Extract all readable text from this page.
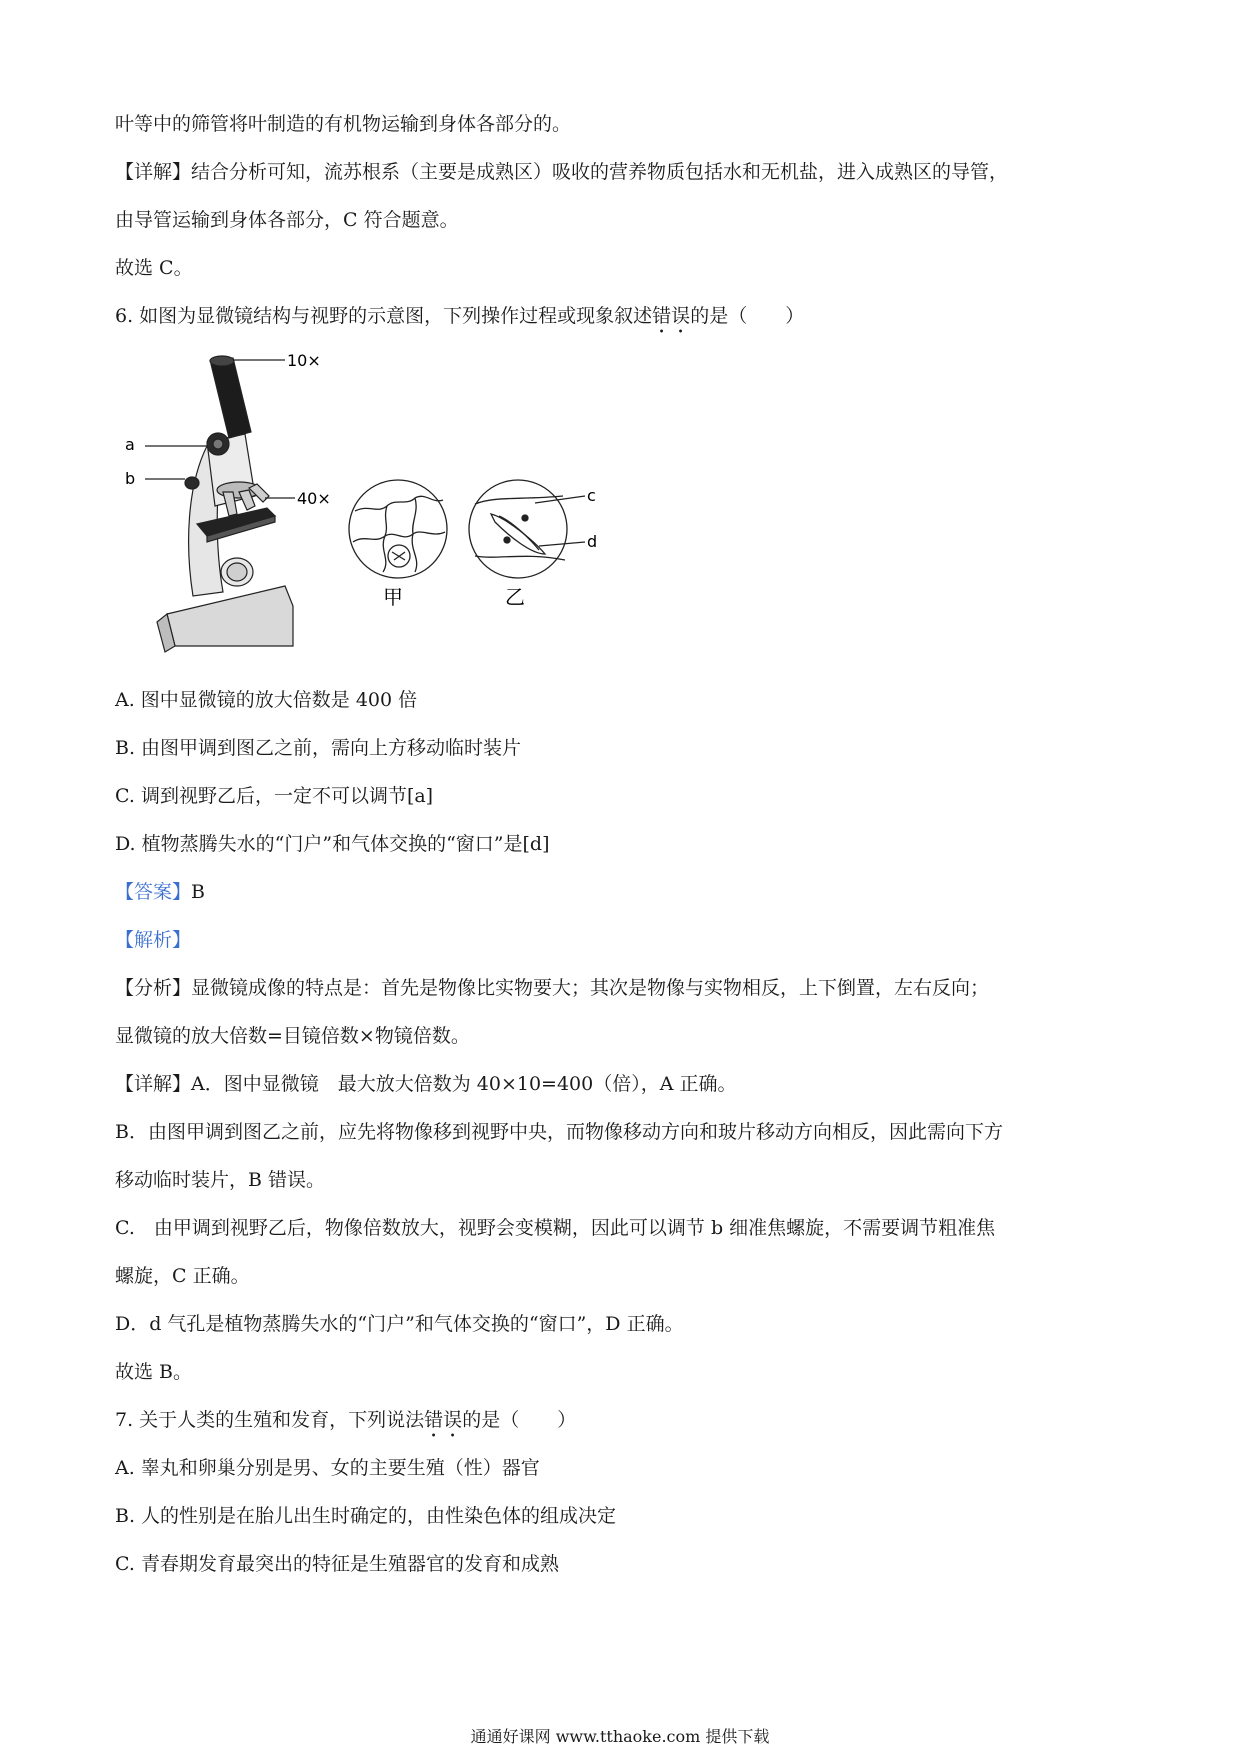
叶等中的筛管将叶制造的有机物运输到身体各部分的。
【详解】结合分析可知，流苏根系（主要是成熟区）吸收的营养物质包括水和无机盐，进入成熟区的导管，
由导管运输到身体各部分，C 符合题意。
故选 C。
6. 如图为显微镜结构与视野的示意图，下列操作过程或现象叙述错误的是（　　）
10×
40×
a
b
甲
c
d
乙
A. 图中显微镜的放大倍数是 400 倍
B. 由图甲调到图乙之前，需向上方移动临时装片
C. 调到视野乙后，一定不可以调节[a]
D. 植物蒸腾失水的“门户”和气体交换的“窗口”是[d]
【答案】B
【解析】
【分析】显微镜成像的特点是：首先是物像比实物要大；其次是物像与实物相反，上下倒置，左右反向；
显微镜的放大倍数=目镜倍数×物镜倍数。
【详解】A．图中显微镜　最大放大倍数为 40×10=400（倍），A 正确。
B．由图甲调到图乙之前，应先将物像移到视野中央，而物像移动方向和玻片移动方向相反，因此需向下方
移动临时装片，B 错误。
C.　由甲调到视野乙后，物像倍数放大，视野会变模糊，因此可以调节 b 细准焦螺旋，不需要调节粗准焦
螺旋，C 正确。
D．d 气孔是植物蒸腾失水的“门户”和气体交换的“窗口”，D 正确。
故选 B。
7. 关于人类的生殖和发育，下列说法错误的是（　　）
A. 睾丸和卵巢分别是男、女的主要生殖（性）器官
B. 人的性别是在胎儿出生时确定的，由性染色体的组成决定
C. 青春期发育最突出的特征是生殖器官的发育和成熟
通通好课网 www.tthaoke.com 提供下载
